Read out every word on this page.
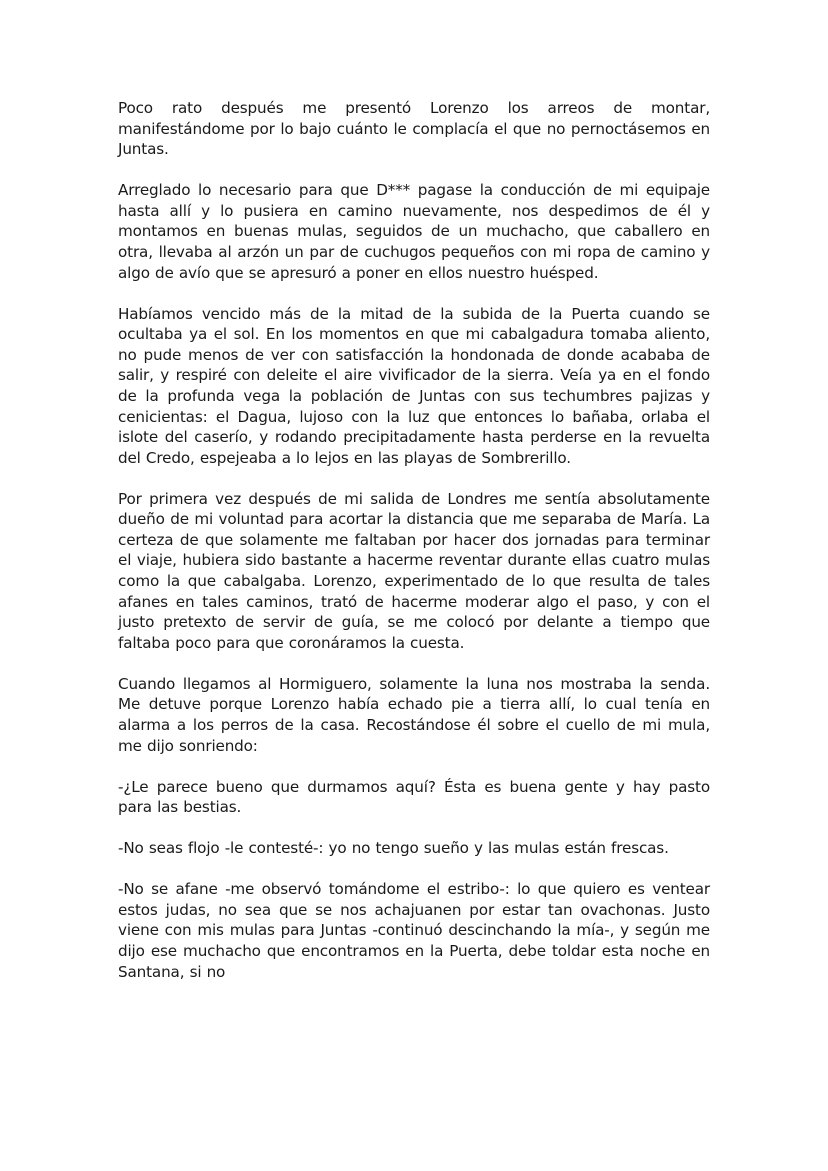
Poco rato después me presentó Lorenzo los arreos de montar, manifestándome por lo bajo cuánto le complacía el que no pernoctásemos en Juntas.

Arreglado lo necesario para que D*** pagase la conducción de mi equipaje hasta allí y lo pusiera en camino nuevamente, nos despedimos de él y montamos en buenas mulas, seguidos de un muchacho, que caballero en otra, llevaba al arzón un par de cuchugos pequeños con mi ropa de camino y algo de avío que se apresuró a poner en ellos nuestro huésped.

Habíamos vencido más de la mitad de la subida de la Puerta cuando se ocultaba ya el sol. En los momentos en que mi cabalgadura tomaba aliento, no pude menos de ver con satisfacción la hondonada de donde acababa de salir, y respiré con deleite el aire vivificador de la sierra. Veía ya en el fondo de la profunda vega la población de Juntas con sus techumbres pajizas y cenicientas: el Dagua, lujoso con la luz que entonces lo bañaba, orlaba el islote del caserío, y rodando precipitadamente hasta perderse en la revuelta del Credo, espejeaba a lo lejos en las playas de Sombrerillo.

Por primera vez después de mi salida de Londres me sentía absolutamente dueño de mi voluntad para acortar la distancia que me separaba de María. La certeza de que solamente me faltaban por hacer dos jornadas para terminar el viaje, hubiera sido bastante a hacerme reventar durante ellas cuatro mulas como la que cabalgaba. Lorenzo, experimentado de lo que resulta de tales afanes en tales caminos, trató de hacerme moderar algo el paso, y con el justo pretexto de servir de guía, se me colocó por delante a tiempo que faltaba poco para que coronáramos la cuesta.

Cuando llegamos al Hormiguero, solamente la luna nos mostraba la senda. Me detuve porque Lorenzo había echado pie a tierra allí, lo cual tenía en alarma a los perros de la casa. Recostándose él sobre el cuello de mi mula, me dijo sonriendo:

-¿Le parece bueno que durmamos aquí? Ésta es buena gente y hay pasto para las bestias.

-No seas flojo -le contesté-: yo no tengo sueño y las mulas están frescas.

-No se afane -me observó tomándome el estribo-: lo que quiero es ventear estos judas, no sea que se nos achajuanen por estar tan ovachonas. Justo viene con mis mulas para Juntas -continuó descinchando la mía-, y según me dijo ese muchacho que encontramos en la Puerta, debe toldar esta noche en Santana, si no
